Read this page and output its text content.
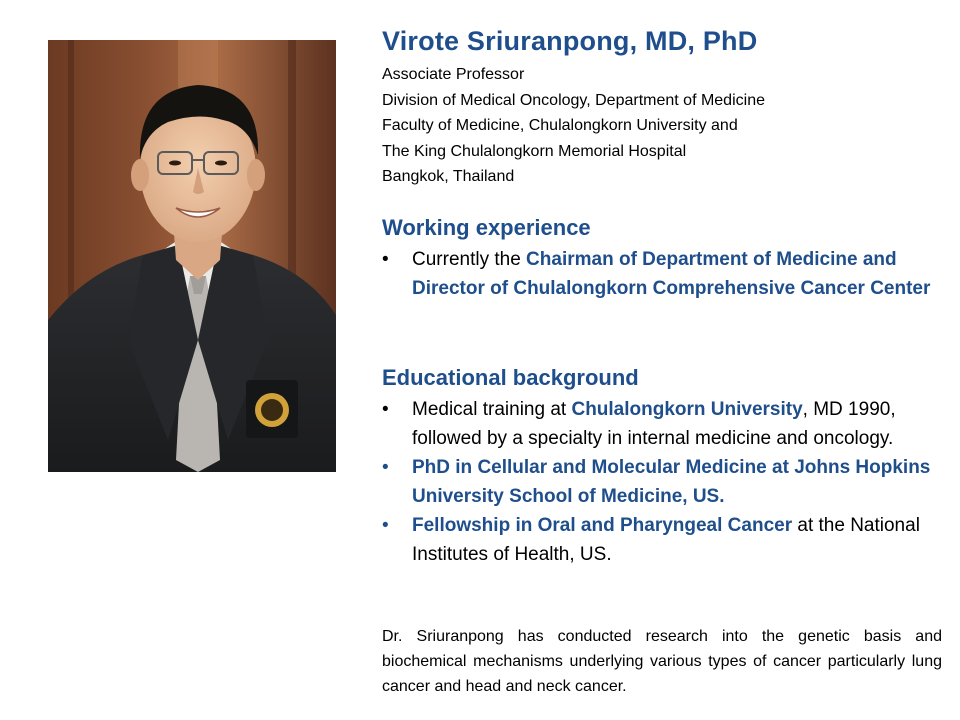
Virote Sriuranpong, MD, PhD
Associate Professor
Division of Medical Oncology, Department of Medicine
Faculty of Medicine, Chulalongkorn University and
The King Chulalongkorn Memorial Hospital
Bangkok, Thailand
Working experience
•	Currently the Chairman of Department of Medicine and Director of Chulalongkorn Comprehensive Cancer Center
Educational background
•	Medical training at Chulalongkorn University, MD 1990, followed by a specialty in internal medicine and oncology.
•	PhD in Cellular and Molecular Medicine at Johns Hopkins University School of Medicine, US.
•	Fellowship in Oral and Pharyngeal Cancer at the National Institutes of Health, US.

Dr. Sriuranpong has conducted research into the genetic basis and biochemical mechanisms underlying various types of cancer particularly lung cancer and head and neck cancer.
